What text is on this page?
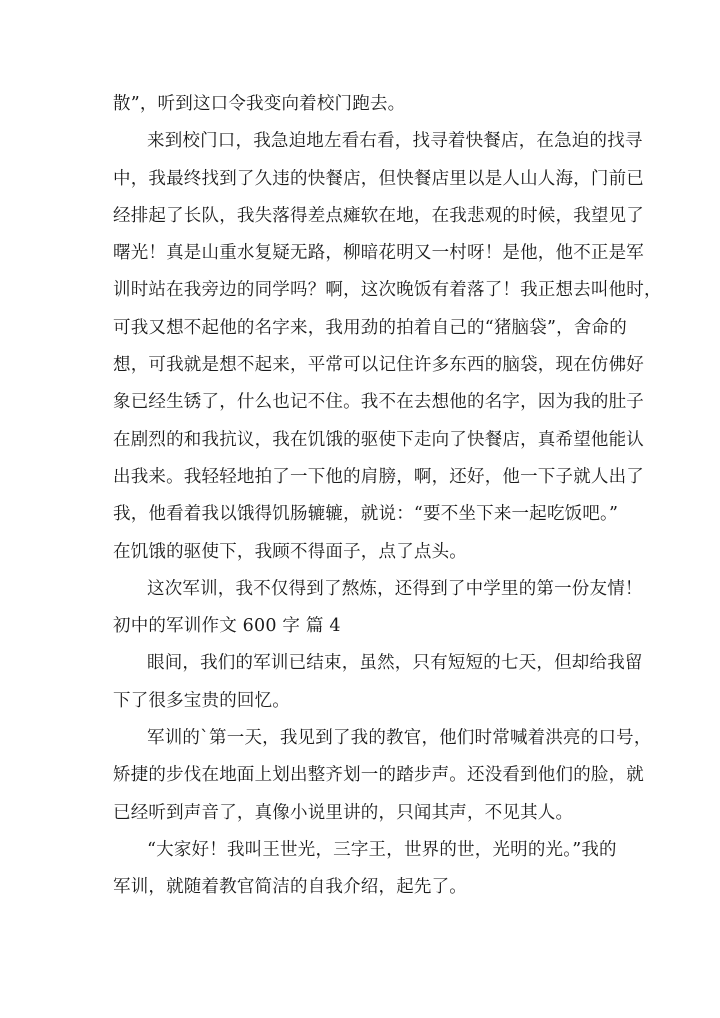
散”，听到这口令我变向着校门跑去。
来到校门口，我急迫地左看右看，找寻着快餐店，在急迫的找寻
中，我最终找到了久违的快餐店，但快餐店里以是人山人海，门前已
经排起了长队，我失落得差点瘫软在地，在我悲观的时候，我望见了
曙光！真是山重水复疑无路，柳暗花明又一村呀！是他，他不正是军
训时站在我旁边的同学吗？啊，这次晚饭有着落了！我正想去叫他时，
可我又想不起他的名字来，我用劲的拍着自己的“猪脑袋”，舍命的
想，可我就是想不起来，平常可以记住许多东西的脑袋，现在仿佛好
象已经生锈了，什么也记不住。我不在去想他的名字，因为我的肚子
在剧烈的和我抗议，我在饥饿的驱使下走向了快餐店，真希望他能认
出我来。我轻轻地拍了一下他的肩膀，啊，还好，他一下子就人出了
我，他看着我以饿得饥肠辘辘，就说：“要不坐下来一起吃饭吧。”
在饥饿的驱使下，我顾不得面子，点了点头。
这次军训，我不仅得到了熬炼，还得到了中学里的第一份友情！
初中的军训作文 600 字 篇 4
眼间，我们的军训已结束，虽然，只有短短的七天，但却给我留
下了很多宝贵的回忆。
军训的`第一天，我见到了我的教官，他们时常喊着洪亮的口号，
矫捷的步伐在地面上划出整齐划一的踏步声。还没看到他们的脸，就
已经听到声音了，真像小说里讲的，只闻其声，不见其人。
“大家好！我叫王世光，三字王，世界的世，光明的光。”我的
军训，就随着教官简洁的自我介绍，起先了。
